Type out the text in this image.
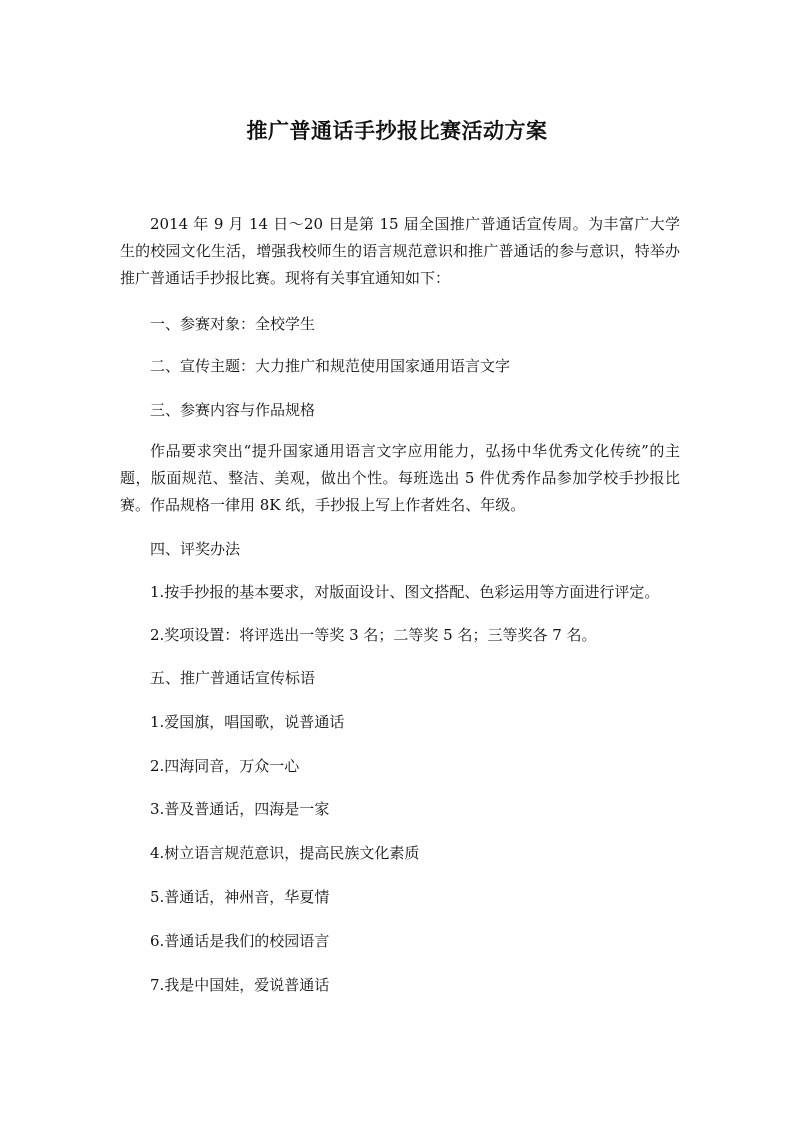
推广普通话手抄报比赛活动方案

2014 年 9 月 14 日～20 日是第 15 届全国推广普通话宣传周。为丰富广大学生的校园文化生活，增强我校师生的语言规范意识和推广普通话的参与意识，特举办推广普通话手抄报比赛。现将有关事宜通知如下：

一、参赛对象：全校学生

二、宣传主题：大力推广和规范使用国家通用语言文字

三、参赛内容与作品规格

作品要求突出“提升国家通用语言文字应用能力，弘扬中华优秀文化传统”的主题，版面规范、整洁、美观，做出个性。每班选出 5 件优秀作品参加学校手抄报比赛。作品规格一律用 8K 纸，手抄报上写上作者姓名、年级。

四、评奖办法

1.按手抄报的基本要求，对版面设计、图文搭配、色彩运用等方面进行评定。

2.奖项设置：将评选出一等奖 3 名；二等奖 5 名；三等奖各 7 名。

五、推广普通话宣传标语

1.爱国旗，唱国歌，说普通话

2.四海同音，万众一心

3.普及普通话，四海是一家

4.树立语言规范意识，提高民族文化素质

5.普通话，神州音，华夏情

6.普通话是我们的校园语言

7.我是中国娃，爱说普通话
